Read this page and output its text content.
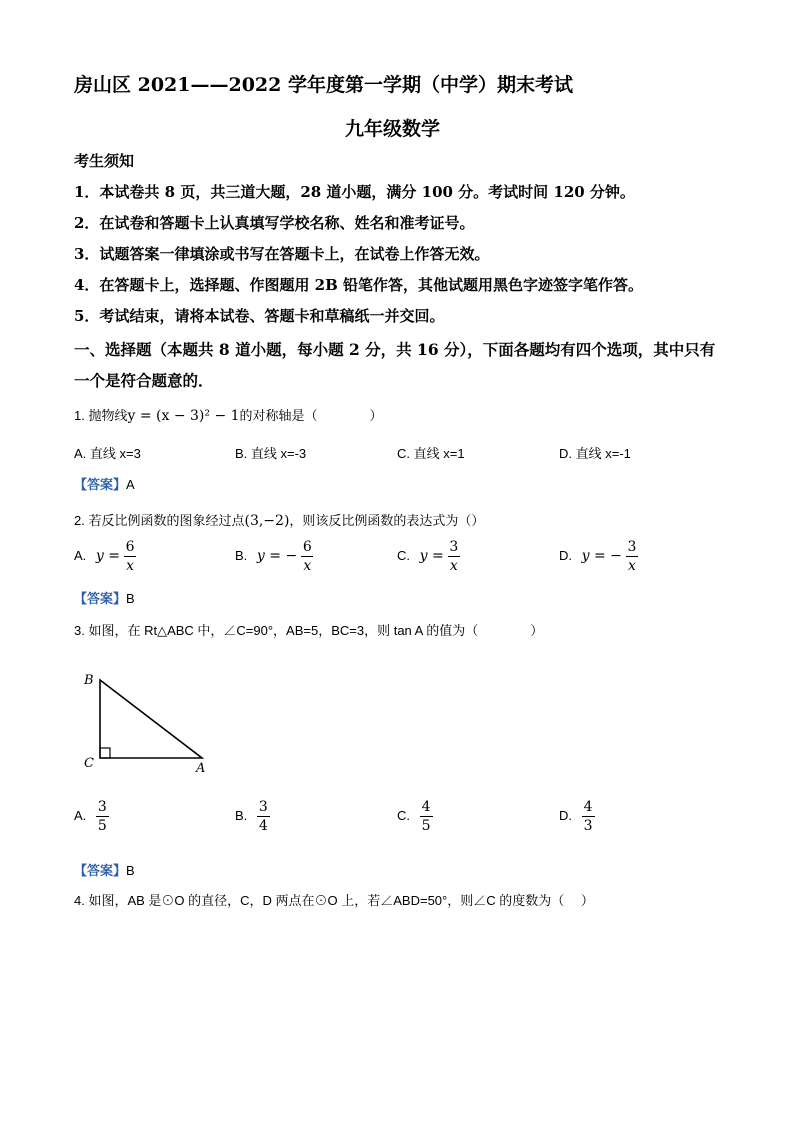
房山区 2021——2022 学年度第一学期（中学）期末考试
九年级数学
考生须知
1．本试卷共 8 页，共三道大题，28 道小题，满分 100 分。考试时间 120 分钟。
2．在试卷和答题卡上认真填写学校名称、姓名和准考证号。
3．试题答案一律填涂或书写在答题卡上，在试卷上作答无效。
4．在答题卡上，选择题、作图题用 2B 铅笔作答，其他试题用黑色字迹签字笔作答。
5．考试结束，请将本试卷、答题卡和草稿纸一并交回。
一、选择题（本题共 8 道小题，每小题 2 分，共 16 分），下面各题均有四个选项，其中只有
一个是符合题意的．
1. 抛物线y = (x − 3)² − 1的对称轴是（　　　　）
A. 直线 x=3	B. 直线 x=-3	C. 直线 x=1	D. 直线 x=-1
【答案】A
2. 若反比例函数的图象经过点(3,−2)，则该反比例函数的表达式为（）
A. $y = \frac{6}{x}$	B. y = − $\frac{6}{x}$	C. $y = \frac{3}{x}$	D. y = − $\frac{3}{x}$
【答案】B
3. 如图，在 Rt△ABC 中，∠C=90°，AB=5，BC=3，则 tan A 的值为（　　　　）
B
C	A
A. $\frac{3}{5}$	B. $\frac{3}{4}$	C. $\frac{4}{5}$	D. $\frac{4}{3}$
【答案】B
4. 如图，AB 是⊙O 的直径，C，D 两点在⊙O 上，若∠ABD=50°，则∠C 的度数为（　 ）
